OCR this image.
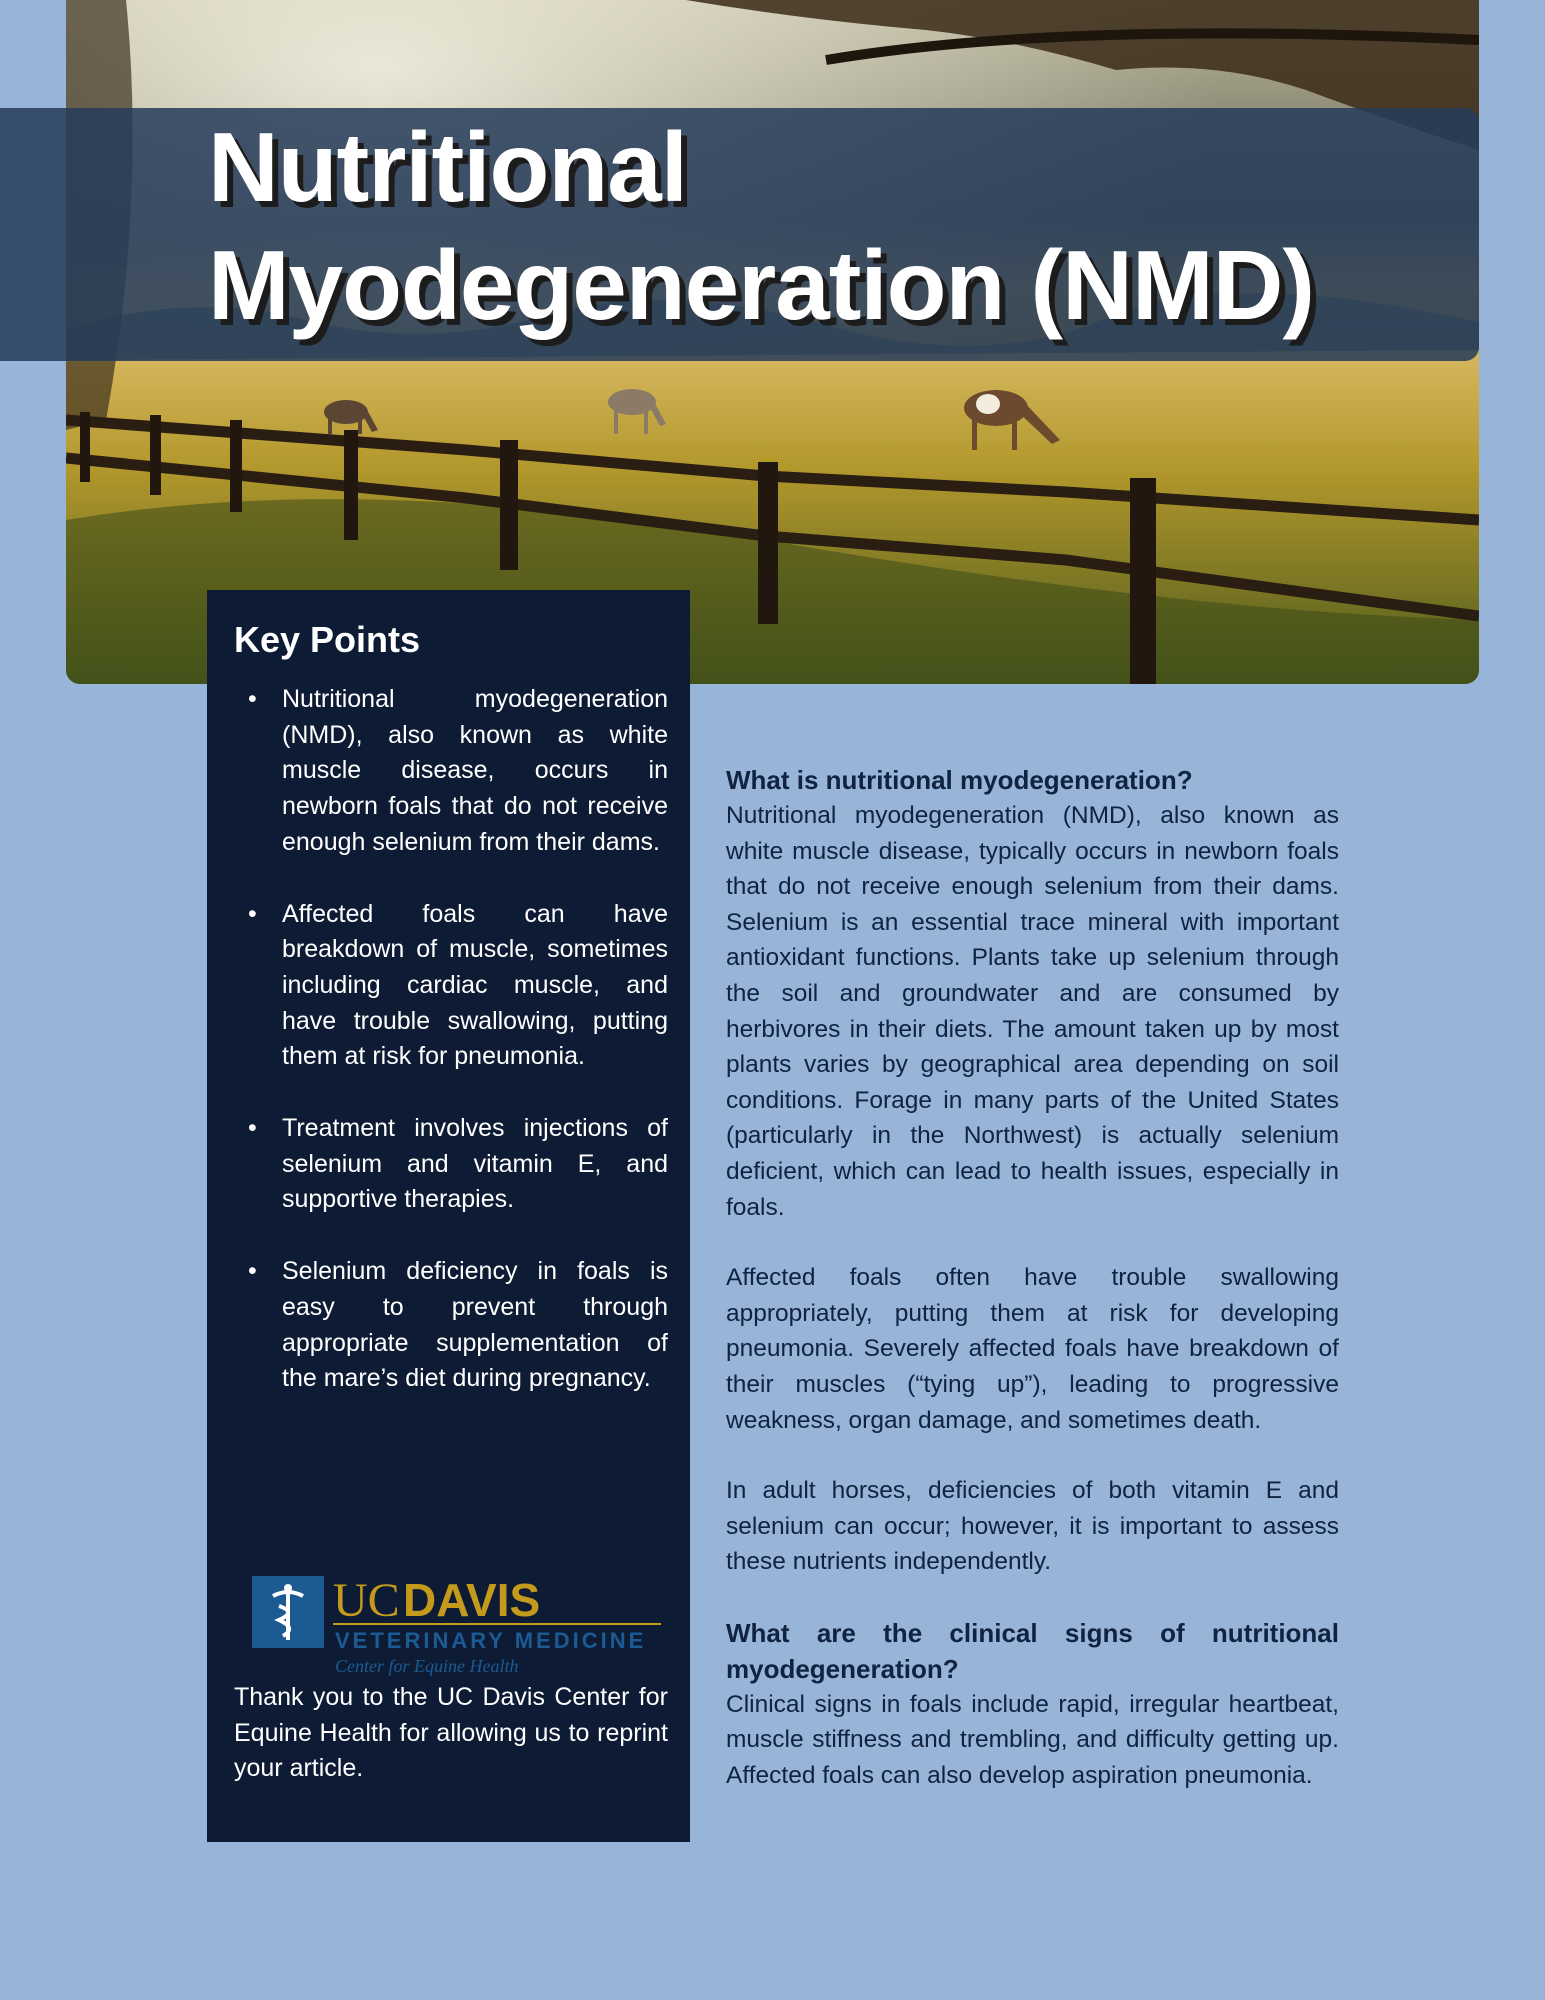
Nutritional
Myodegeneration (NMD)
Key Points
• Nutritional myodegeneration (NMD), also known as white muscle disease, occurs in newborn foals that do not receive enough selenium from their dams.
• Affected foals can have breakdown of muscle, sometimes including cardiac muscle, and have trouble swallowing, putting them at risk for pneumonia.
• Treatment involves injections of selenium and vitamin E, and supportive therapies.
• Selenium deficiency in foals is easy to prevent through appropriate supplementation of the mare’s diet during pregnancy.
UC DAVIS
VETERINARY MEDICINE
Center for Equine Health

Thank you to the UC Davis Center for Equine Health for allowing us to reprint your article.

What is nutritional myodegeneration?

Nutritional myodegeneration (NMD), also known as white muscle disease, typically occurs in newborn foals that do not receive enough selenium from their dams. Selenium is an essential trace mineral with important antioxidant functions. Plants take up selenium through the soil and groundwater and are consumed by herbivores in their diets. The amount taken up by most plants varies by geographical area depending on soil conditions. Forage in many parts of the United States (particularly in the Northwest) is actually selenium deficient, which can lead to health issues, especially in foals.

Affected foals often have trouble swallowing appropriately, putting them at risk for developing pneumonia. Severely affected foals have breakdown of their muscles (“tying up”), leading to progressive weakness, organ damage, and sometimes death.

In adult horses, deficiencies of both vitamin E and selenium can occur; however, it is important to assess these nutrients independently.

What are the clinical signs of nutritional myodegeneration?

Clinical signs in foals include rapid, irregular heartbeat, muscle stiffness and trembling, and difficulty getting up. Affected foals can also develop aspiration pneumonia.
